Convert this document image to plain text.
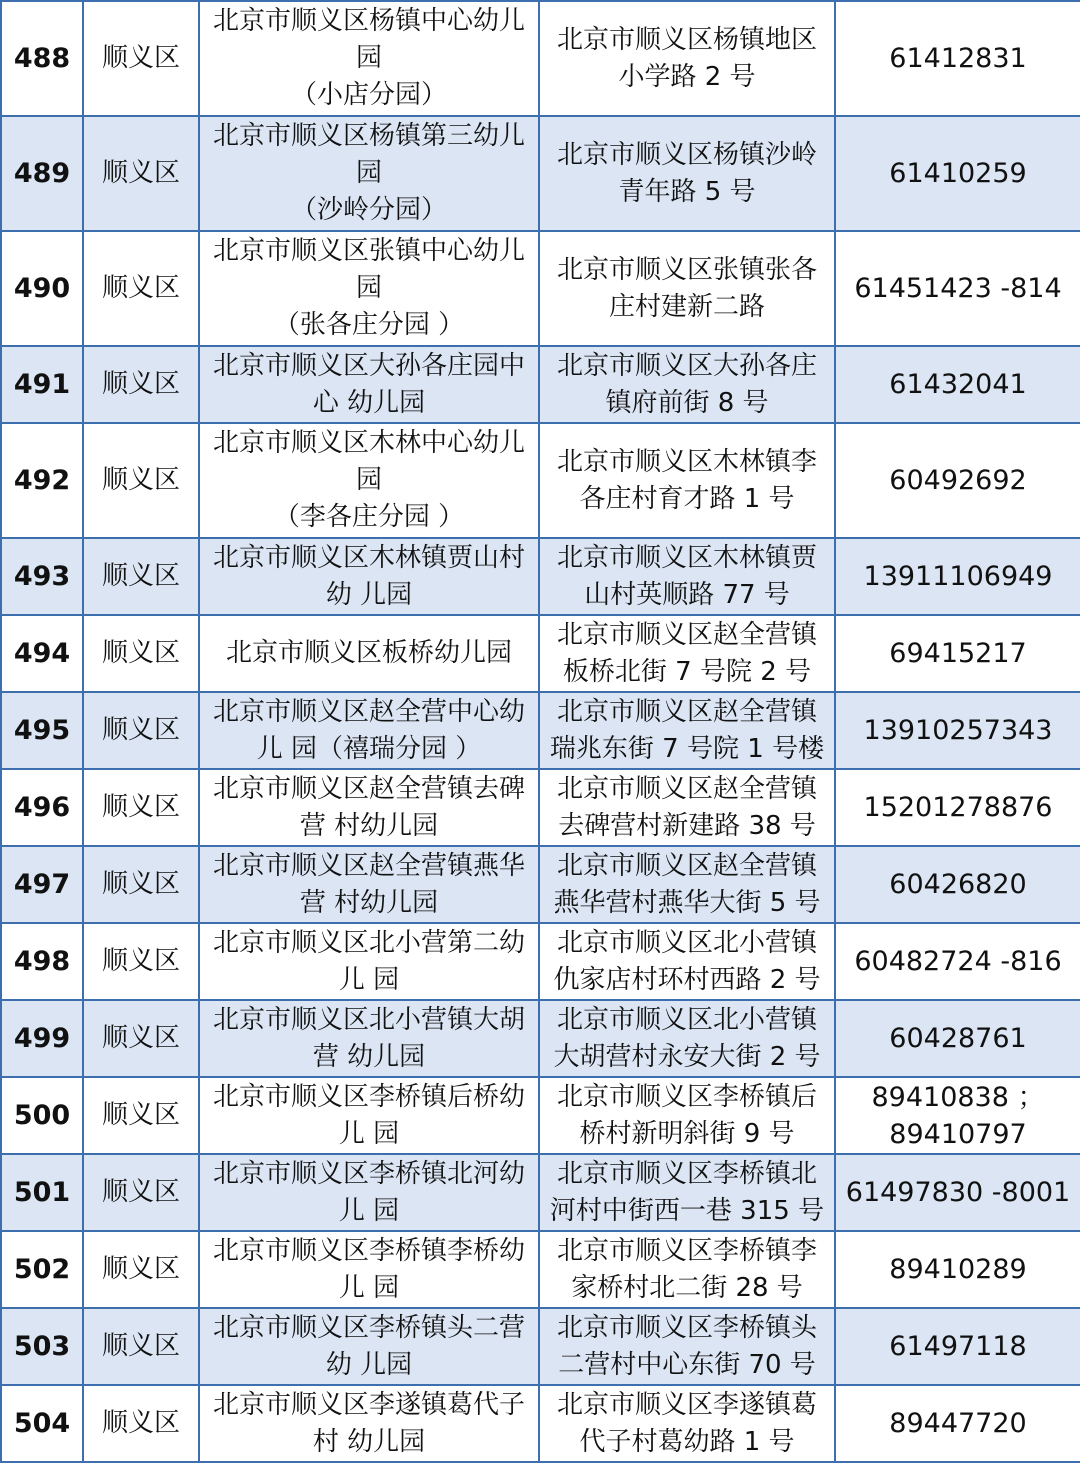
488	顺义区	北京市顺义区杨镇中心幼儿
园
（小店分园）	北京市顺义区杨镇地区
小学路 2 号	61412831

489	顺义区	北京市顺义区杨镇第三幼儿
园
（沙岭分园）	北京市顺义区杨镇沙岭
青年路 5 号	61410259

490	顺义区	北京市顺义区张镇中心幼儿
园
（张各庄分园 ）	北京市顺义区张镇张各
庄村建新二路	61451423 -814

491	顺义区	北京市顺义区大孙各庄园中
心 幼儿园	北京市顺义区大孙各庄
镇府前街 8 号	61432041

492	顺义区	北京市顺义区木林中心幼儿
园
（李各庄分园 ）	北京市顺义区木林镇李
各庄村育才路 1 号	60492692

493	顺义区	北京市顺义区木林镇贾山村
幼 儿园	北京市顺义区木林镇贾
山村英顺路 77 号	13911106949

494	顺义区	北京市顺义区板桥幼儿园	北京市顺义区赵全营镇
板桥北街 7 号院 2 号	69415217

495	顺义区	北京市顺义区赵全营中心幼
儿 园（禧瑞分园 ）	北京市顺义区赵全营镇
瑞兆东街 7 号院 1 号楼	13910257343

496	顺义区	北京市顺义区赵全营镇去碑
营 村幼儿园	北京市顺义区赵全营镇
去碑营村新建路 38 号	15201278876

497	顺义区	北京市顺义区赵全营镇燕华
营 村幼儿园	北京市顺义区赵全营镇
燕华营村燕华大街 5 号	60426820

498	顺义区	北京市顺义区北小营第二幼
儿 园	北京市顺义区北小营镇
仇家店村环村西路 2 号	60482724 -816

499	顺义区	北京市顺义区北小营镇大胡
营 幼儿园	北京市顺义区北小营镇
大胡营村永安大街 2 号	60428761

500	顺义区	北京市顺义区李桥镇后桥幼
儿 园	北京市顺义区李桥镇后
桥村新明斜街 9 号	89410838 ；
89410797

501	顺义区	北京市顺义区李桥镇北河幼
儿 园	北京市顺义区李桥镇北
河村中街西一巷 315 号	61497830 -8001

502	顺义区	北京市顺义区李桥镇李桥幼
儿 园	北京市顺义区李桥镇李
家桥村北二街 28 号	89410289

503	顺义区	北京市顺义区李桥镇头二营
幼 儿园	北京市顺义区李桥镇头
二营村中心东街 70 号	61497118

504	顺义区	北京市顺义区李遂镇葛代子
村 幼儿园	北京市顺义区李遂镇葛
代子村葛幼路 1 号	89447720
